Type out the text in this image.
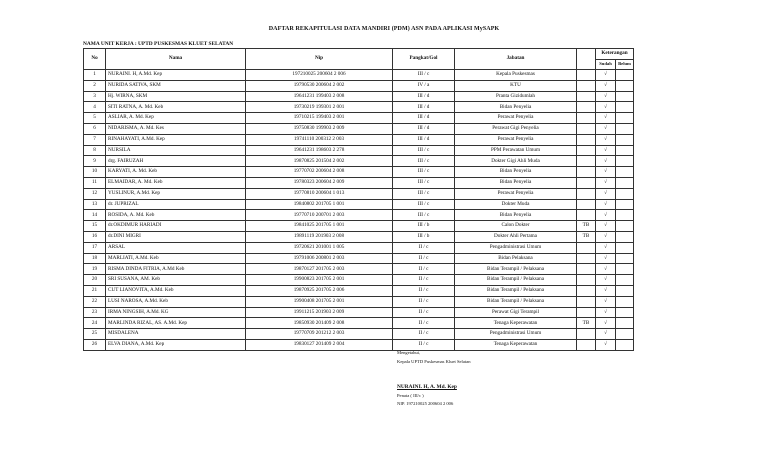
DAFTAR REKAPITULASI DATA MANDIRI (PDM) ASN PADA APLIKASI MySAPK
NAMA UNIT KERJA : UPTD PUSKESMAS KLUET SELATAN
No	Nama	Nip	Pangkat/Gol	Jabatan		Keterangan	
						Sudah	Belum
1	NURAINI. H, A.Md. Kep	197210025 200604 2 006	III / c	Kepala Puskesmas		√	
2	NURIDA SATIVA, SKM	19790530 200604 2 002	IV / a	KTU		√	
3	Hj. WIRNA, SKM	19641231 199403 2 008	III / d	Pranta Gizidumlah		√	
4	SITI RATNA, A. Md. Keb	19730219 199301 2 001	III / d	Bidan Penyelia		√	
5	ASLIAR, A. Md. Kep	19710215 199403 2 001	III / d	Perawat Penyelia		√	
6	NIDARISMA, A. Md. Kes	19750830 199903 2 009	III / d	Perawat Gigi Penyelia		√	
7	RINAHAYATI, A.Md. Kep	19741110 200312 2 003	III / d	Perawat Penyelia		√	
8	NURSILA	19641231 198603 2 278	III / c	PPM Perawatan Umum		√	
9	drg. FAIRUZAH	19870825 201504 2 002	III / c	Dokter Gigi Ahli Muda		√	
10	KARYATI, A. Md. Keb	19770702 200604 2 008	III / c	Bidan Penyelia		√	
11	ELMAIDAR, A. Md. Keb	19780323 200604 2 009	III / c	Bidan Penyelia		√	
12	YUSLINUR, A.Md. Kep	19770810 200604 1 013	III / c	Perawat Penyelia		√	
13	dr. JUPRIZAL	19840802 201705 1 001	III / c	Dokter Muda		√	
14	ROSIDA, A. Md. Keb	19770710 200701 2 003	III / c	Bidan Penyelia		√	
15	dr.OKDIMUR HARIADI	19841025 201705 1 001	III / b	Calon Dokter	TB	√	
16	dr.DINI MIGRI	19891119 201903 2 008	III / b	Dokter Ahli Pertama	TB	√	
17	ARSAL	19720621 201001 1 005	II / c	Pengadministrasi Umum		√	
18	MARLIATI, A.Md. Keb	19791006 200801 2 003	II / c	Bidan Pelaksana		√	
19	RISMA DINDA FITRIA, A.Md Keb	19870127 201705 2 003	II / c	Bidan Terampil / Pelaksana		√	
20	SRI SUSANA, AM. Keb	19900823 201705 2 001	II / c	Bidan Terampil / Pelaksana		√	
21	CUT LIANOVITA, A.Md. Keb	19870925 201705 2 006	II / c	Bidan Terampil / Pelaksana		√	
22	LUSI NAROSA, A.Md. Keb	19900408 201705 2 001	II / c	Bidan Terampil / Pelaksana		√	
23	IRMA NINGSIH, A.Md. KG	19911215 201903 2 009	II / c	Perawat Gigi Terampil		√	
24	MARLINDA RIZAL, AS. A.Md. Kep	19850930 201409 2 008	II / c	Tenaga Keperawatan	TB	√	
25	MISDALENA	19770709 201212 2 003	II / c	Pengadministrasi Umum		√	
26	ELVA DIANA, A.Md. Kep	19830127 201409 2 004	II / c	Tenaga Keperawatan		√	
Mengetahui,
Kepala UPTD Puskesmas Kluet Selatan
NURAINI. H, A. Md. Kep
Penata ( III/c )
NIP. 197210025 200604 2 006
